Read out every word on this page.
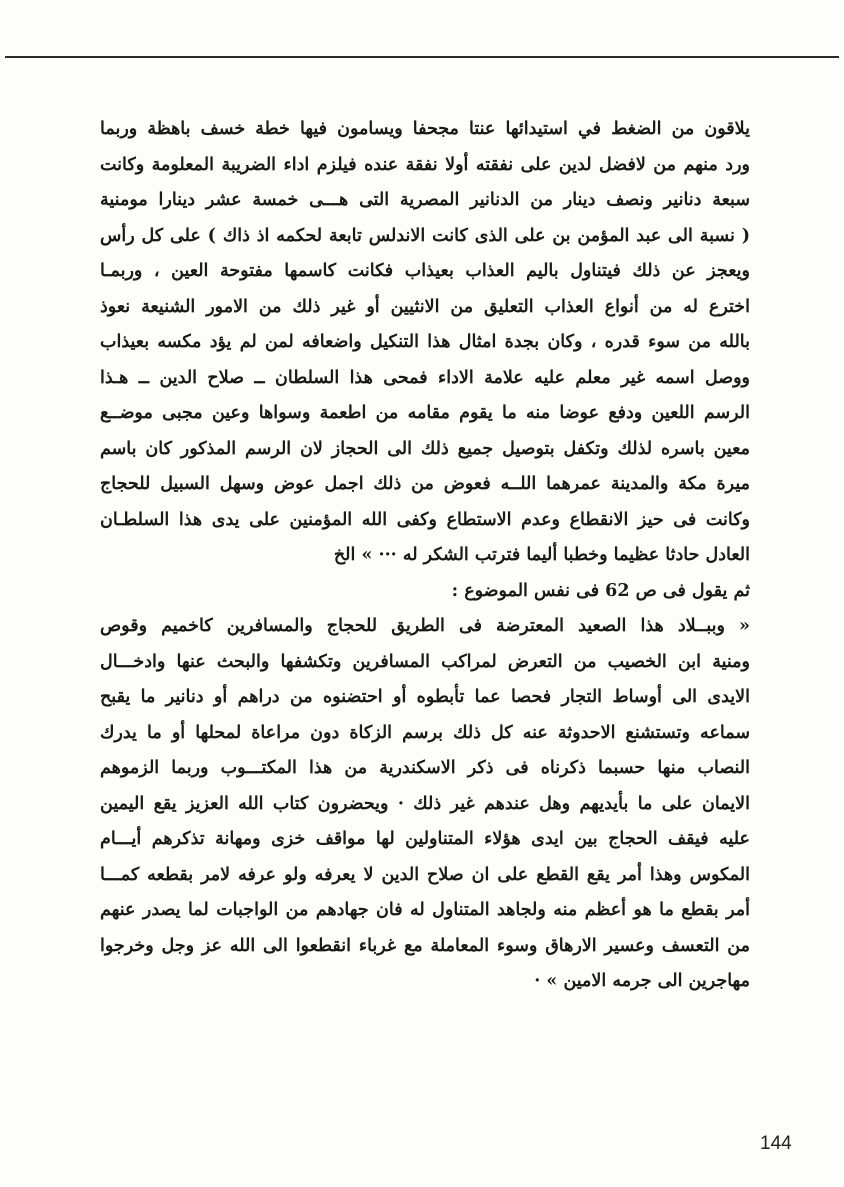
يلاقون من الضغط في استيدائها عنتا مجحفا ويسامون فيها خطة خسف باهظة وربما
ورد منهم من لافضل لدين على نفقته أولا نفقة عنده فيلزم اداء الضريبة المعلومة وكانت
سبعة دنانير ونصف دينار من الدنانير المصرية التى هـــى خمسة عشر دينارا مومنية
( نسبة الى عبد المؤمن بن على الذى كانت الاندلس تابعة لحكمه اذ ذاك ) على كل رأس
ويعجز عن ذلك فيتناول باليم العذاب بعيذاب فكانت كاسمها مفتوحة العين ، وربمـا
اخترع له من أنواع العذاب التعليق من الانثيين أو غير ذلك من الامور الشنيعة نعوذ
بالله من سوء قدره ، وكان بجدة امثال هذا التنكيل واضعافه لمن لم يؤد مكسه بعيذاب
ووصل اسمه غير معلم عليه علامة الاداء فمحى هذا السلطان ــ صلاح الدين ــ هـذا
الرسم اللعين ودفع عوضا منه ما يقوم مقامه من اطعمة وسواها وعين مجبى موضــع
معين باسره لذلك وتكفل بتوصيل جميع ذلك الى الحجاز لان الرسم المذكور كان باسم
ميرة مكة والمدينة عمرهما اللــه فعوض من ذلك اجمل عوض وسهل السبيل للحجاج
وكانت فى حيز الانقطاع وعدم الاستطاع وكفى الله المؤمنين على يدى هذا السلطـان
العادل حادثا عظيما وخطبا أليما فترتب الشكر له ··· » الخ
ثم يقول فى ص 62 فى نفس الموضوع :
« وببــلاد هذا الصعيد المعترضة فى الطريق للحجاج والمسافرين كاخميم وقوص
ومنية ابن الخصيب من التعرض لمراكب المسافرين وتكشفها والبحث عنها وادخـــال
الايدى الى أوساط التجار فحصا عما تأبطوه أو احتضنوه من دراهم أو دنانير ما يقبح
سماعه وتستشنع الاحدوثة عنه كل ذلك برسم الزكاة دون مراعاة لمحلها أو ما يدرك
النصاب منها حسبما ذكرناه فى ذكر الاسكندرية من هذا المكتـــوب وربما الزموهم
الايمان على ما بأيديهم وهل عندهم غير ذلك · ويحضرون كتاب الله العزيز يقع اليمين
عليه فيقف الحجاج بين ايدى هؤلاء المتناولين لها مواقف خزى ومهانة تذكرهم أيـــام
المكوس وهذا أمر يقع القطع على ان صلاح الدين لا يعرفه ولو عرفه لامر بقطعه كمـــا
أمر بقطع ما هو أعظم منه ولجاهد المتناول له فان جهادهم من الواجبات لما يصدر عنهم
من التعسف وعسير الارهاق وسوء المعاملة مع غرباء انقطعوا الى الله عز وجل وخرجوا
مهاجرين الى جرمه الامين » ·
144
